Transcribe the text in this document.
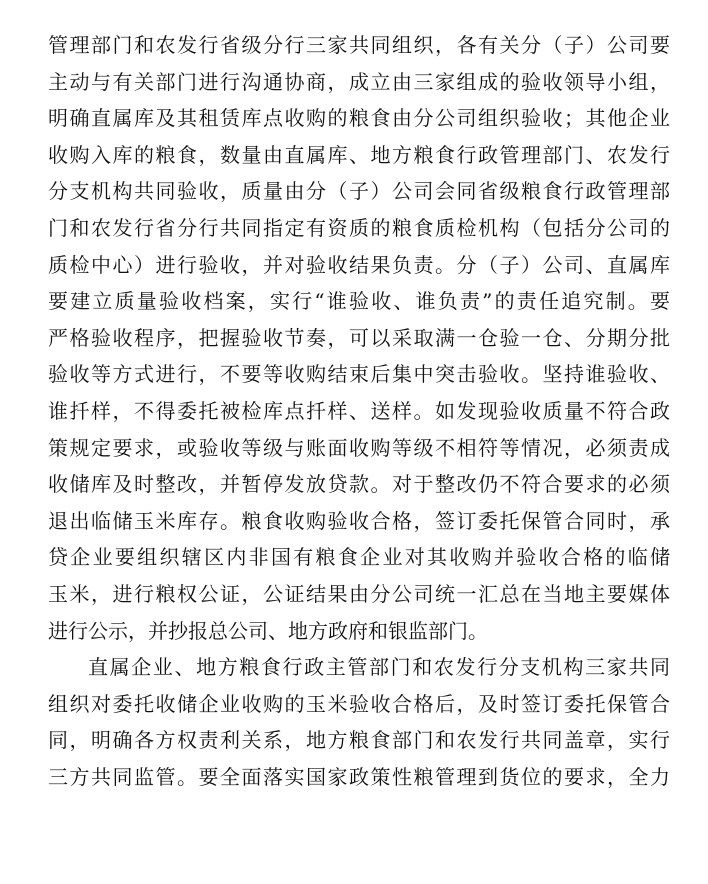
管理部门和农发行省级分行三家共同组织，各有关分（子）公司要
主动与有关部门进行沟通协商，成立由三家组成的验收领导小组，
明确直属库及其租赁库点收购的粮食由分公司组织验收；其他企业
收购入库的粮食，数量由直属库、地方粮食行政管理部门、农发行
分支机构共同验收，质量由分（子）公司会同省级粮食行政管理部
门和农发行省分行共同指定有资质的粮食质检机构（包括分公司的
质检中心）进行验收，并对验收结果负责。分（子）公司、直属库
要建立质量验收档案，实行“谁验收、谁负责”的责任追究制。要
严格验收程序，把握验收节奏，可以采取满一仓验一仓、分期分批
验收等方式进行，不要等收购结束后集中突击验收。坚持谁验收、
谁扦样，不得委托被检库点扦样、送样。如发现验收质量不符合政
策规定要求，或验收等级与账面收购等级不相符等情况，必须责成
收储库及时整改，并暂停发放贷款。对于整改仍不符合要求的必须
退出临储玉米库存。粮食收购验收合格，签订委托保管合同时，承
贷企业要组织辖区内非国有粮食企业对其收购并验收合格的临储
玉米，进行粮权公证，公证结果由分公司统一汇总在当地主要媒体
进行公示，并抄报总公司、地方政府和银监部门。
直属企业、地方粮食行政主管部门和农发行分支机构三家共同
组织对委托收储企业收购的玉米验收合格后，及时签订委托保管合
同，明确各方权责利关系，地方粮食部门和农发行共同盖章，实行
三方共同监管。要全面落实国家政策性粮管理到货位的要求，全力
